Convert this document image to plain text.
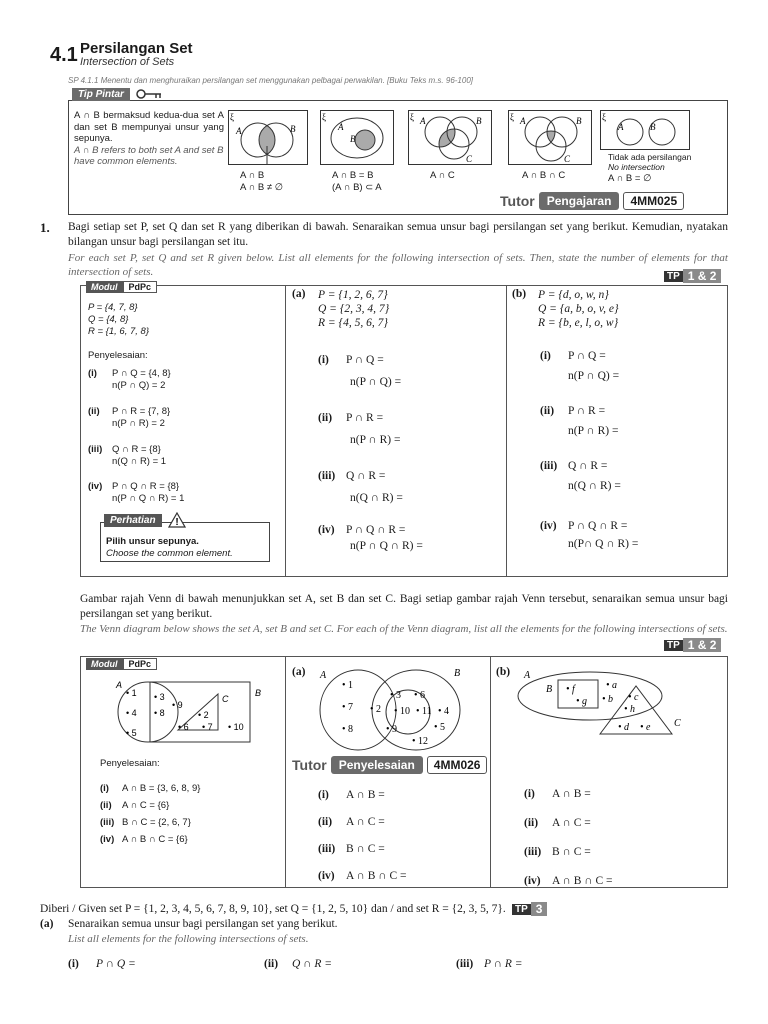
4.1 Persilangan Set
Intersection of Sets
SP 4.1.1 Menentu dan menghuraikan persilangan set menggunakan pelbagai perwakilan. [Buku Teks m.s. 96-100]
Tip Pintar
A ∩ B bermaksud kedua-dua set A dan set B mempunyai unsur yang sepunya.
A ∩ B refers to both set A and set B have common elements.
ξ
A	B
A ∩ B
A ∩ B ≠ ∅
ξ
A
B
A ∩ B = B
(A ∩ B) ⊂ A
ξ A	B
C
A ∩ C
ξ A	B
C
A ∩ B ∩ C
ξ
A	B
Tidak ada persilangan
No intersection
A ∩ B = ∅
Tutor	Pengajaran	4MM025
1. Bagi setiap set P, set Q dan set R yang diberikan di bawah. Senaraikan semua unsur bagi persilangan set yang berikut. Kemudian, nyatakan bilangan unsur bagi persilangan set itu.
For each set P, set Q and set R given below. List all elements for the following intersection of sets. Then, state the number of elements for that intersection of sets.	TP 1 & 2
Modul	PdPc
P = {4, 7, 8}
Q = {4, 8}
R = {1, 6, 7, 8}
Penyelesaian:
(i) P ∩ Q = {4, 8}
n(P ∩ Q) = 2
(ii) P ∩ R = {7, 8}
n(P ∩ R) = 2
(iii) Q ∩ R = {8}
n(Q ∩ R) = 1
(iv) P ∩ Q ∩ R = {8}
n(P ∩ Q ∩ R) = 1
Perhatian	!
Pilih unsur sepunya.
Choose the common element.
(a) P = {1, 2, 6, 7}
Q = {2, 3, 4, 7}
R = {4, 5, 6, 7}
(i) P ∩ Q =
n(P ∩ Q) =
(ii) P ∩ R =
n(P ∩ R) =
(iii) Q ∩ R =
n(Q ∩ R) =
(iv) P ∩ Q ∩ R =
n(P ∩ Q ∩ R) =
(b) P = {d, o, w, n}
Q = {a, b, o, v, e}
R = {b, e, l, o, w}
(i) P ∩ Q =
n(P ∩ Q) =
(ii) P ∩ R =
n(P ∩ R) =
(iii) Q ∩ R =
n(Q ∩ R) =
(iv) P ∩ Q ∩ R =
n(P∩ Q ∩ R) =
Gambar rajah Venn di bawah menunjukkan set A, set B dan set C. Bagi setiap gambar rajah Venn tersebut, senaraikan semua unsur bagi persilangan set yang berikut.
The Venn diagram below shows the set A, set B and set C. For each of the Venn diagram, list all the elements for the following intersections of sets.
TP 1 & 2
Modul	PdPc
A
B
C
• 1
• 4
• 5
• 3
• 8
• 9
• 2
• 6 • 7 • 10
Penyelesaian:
(i) A ∩ B = {3, 6, 8, 9}
(ii) A ∩ C = {6}
(iii) B ∩ C = {2, 6, 7}
(iv) A ∩ B ∩ C = {6}
(a) A	B
• 1
• 7
• 8
• 2
• 3 • 6
• 10 • 11 • 4
• 5
• 9
• 12
Tutor	Penyelesaian	4MM026
(i) A ∩ B =
(ii) A ∩ C =
(iii) B ∩ C =
(iv) A ∩ B ∩ C =
(b) A
B
C
• f
• g
• a
• b • c
• h
• d • e
(i) A ∩ B =
(ii) A ∩ C =
(iii) B ∩ C =
(iv) A ∩ B ∩ C =
Diberi / Given set P = {1, 2, 3, 4, 5, 6, 7, 8, 9, 10}, set Q = {1, 2, 5, 10} dan / and set R = {2, 3, 5, 7}. TP 3
(a) Senaraikan semua unsur bagi persilangan set yang berikut.
List all elements for the following intersections of sets.
(i) P ∩ Q =	(ii) Q ∩ R =	(iii) P ∩ R =
